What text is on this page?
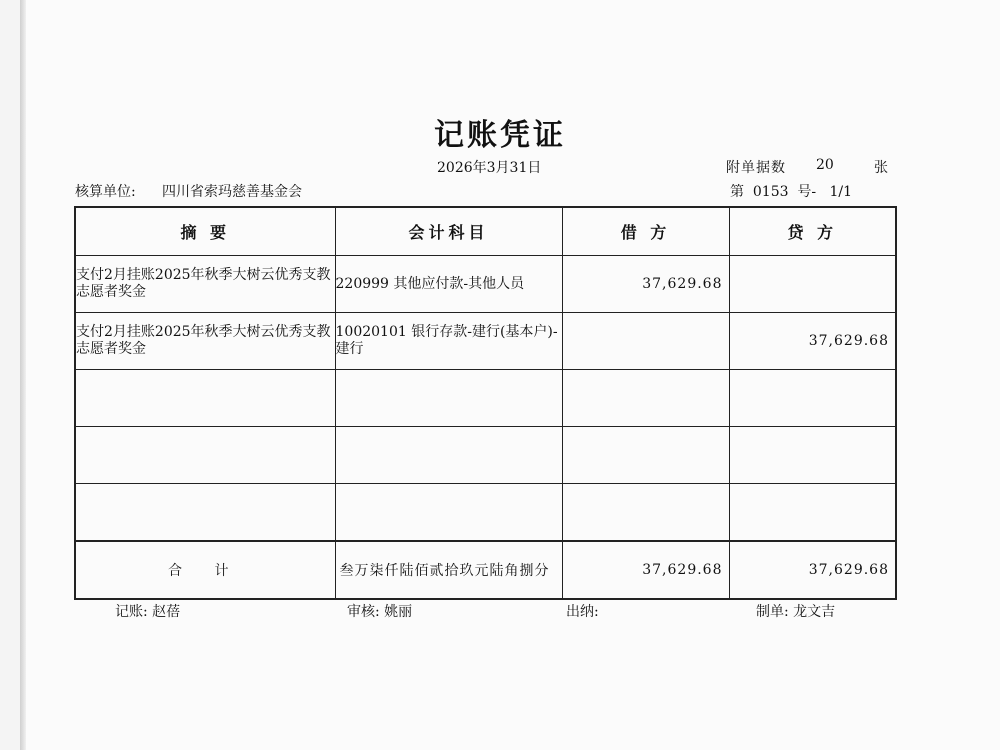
记账凭证
2026年3月31日	附单据数 20	张
核算单位: 四川省索玛慈善基金会	第  0153  号-   1/1
摘 要	会计科目	借 方	贷 方
支付2月挂账2025年秋季大树云优秀支教志愿者奖金	220999 其他应付款-其他人员	37,629.68	
支付2月挂账2025年秋季大树云优秀支教志愿者奖金	10020101 银行存款-建行(基本户)-建行		37,629.68

合 计	叁万柒仟陆佰贰拾玖元陆角捌分	37,629.68	37,629.68
记账: 赵蓓	审核: 姚丽	出纳:	制单: 龙文吉
